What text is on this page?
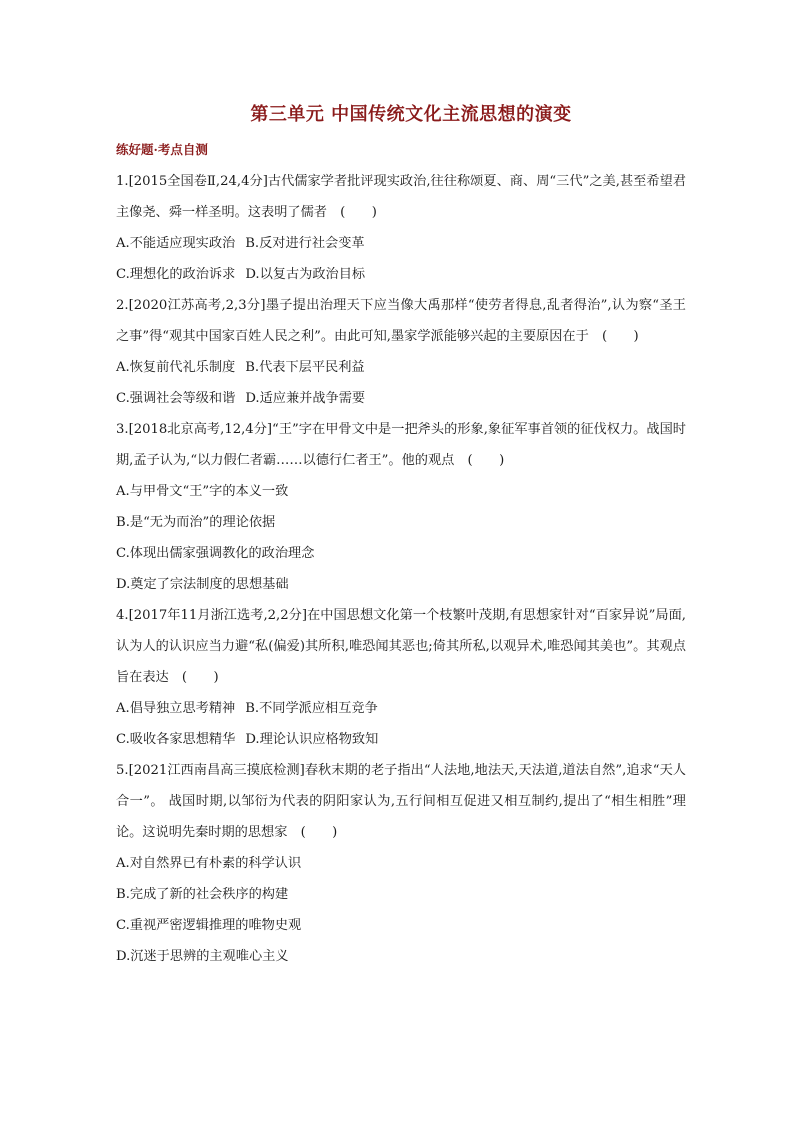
第三单元 中国传统文化主流思想的演变
练好题·考点自测

1.[2015全国卷Ⅱ,24,4分]古代儒家学者批评现实政治,往往称颂夏、商、周“三代”之美,甚至希望君主像尧、舜一样圣明。这表明了儒者　(　　)

A.不能适应现实政治 B.反对进行社会变革

C.理想化的政治诉求 D.以复古为政治目标

2.[2020江苏高考,2,3分]墨子提出治理天下应当像大禹那样“使劳者得息,乱者得治”,认为察“圣王之事”得“观其中国家百姓人民之利”。由此可知,墨家学派能够兴起的主要原因在于　(　　)

A.恢复前代礼乐制度 B.代表下层平民利益

C.强调社会等级和谐 D.适应兼并战争需要

3.[2018北京高考,12,4分]“王”字在甲骨文中是一把斧头的形象,象征军事首领的征伐权力。战国时期,孟子认为,“以力假仁者霸……以德行仁者王”。他的观点　(　　)

A.与甲骨文“王”字的本义一致

B.是“无为而治”的理论依据

C.体现出儒家强调教化的政治理念

D.奠定了宗法制度的思想基础

4.[2017年11月浙江选考,2,2分]在中国思想文化第一个枝繁叶茂期,有思想家针对“百家异说”局面,认为人的认识应当力避“私(偏爱)其所积,唯恐闻其恶也;倚其所私,以观异术,唯恐闻其美也”。其观点旨在表达　(　　)

A.倡导独立思考精神 B.不同学派应相互竞争

C.吸收各家思想精华 D.理论认识应格物致知

5.[2021江西南昌高三摸底检测]春秋末期的老子指出“人法地,地法天,天法道,道法自然”,追求“天人合一”。 战国时期,以邹衍为代表的阴阳家认为,五行间相互促进又相互制约,提出了“相生相胜”理论。这说明先秦时期的思想家　(　　)

A.对自然界已有朴素的科学认识

B.完成了新的社会秩序的构建

C.重视严密逻辑推理的唯物史观

D.沉迷于思辨的主观唯心主义
